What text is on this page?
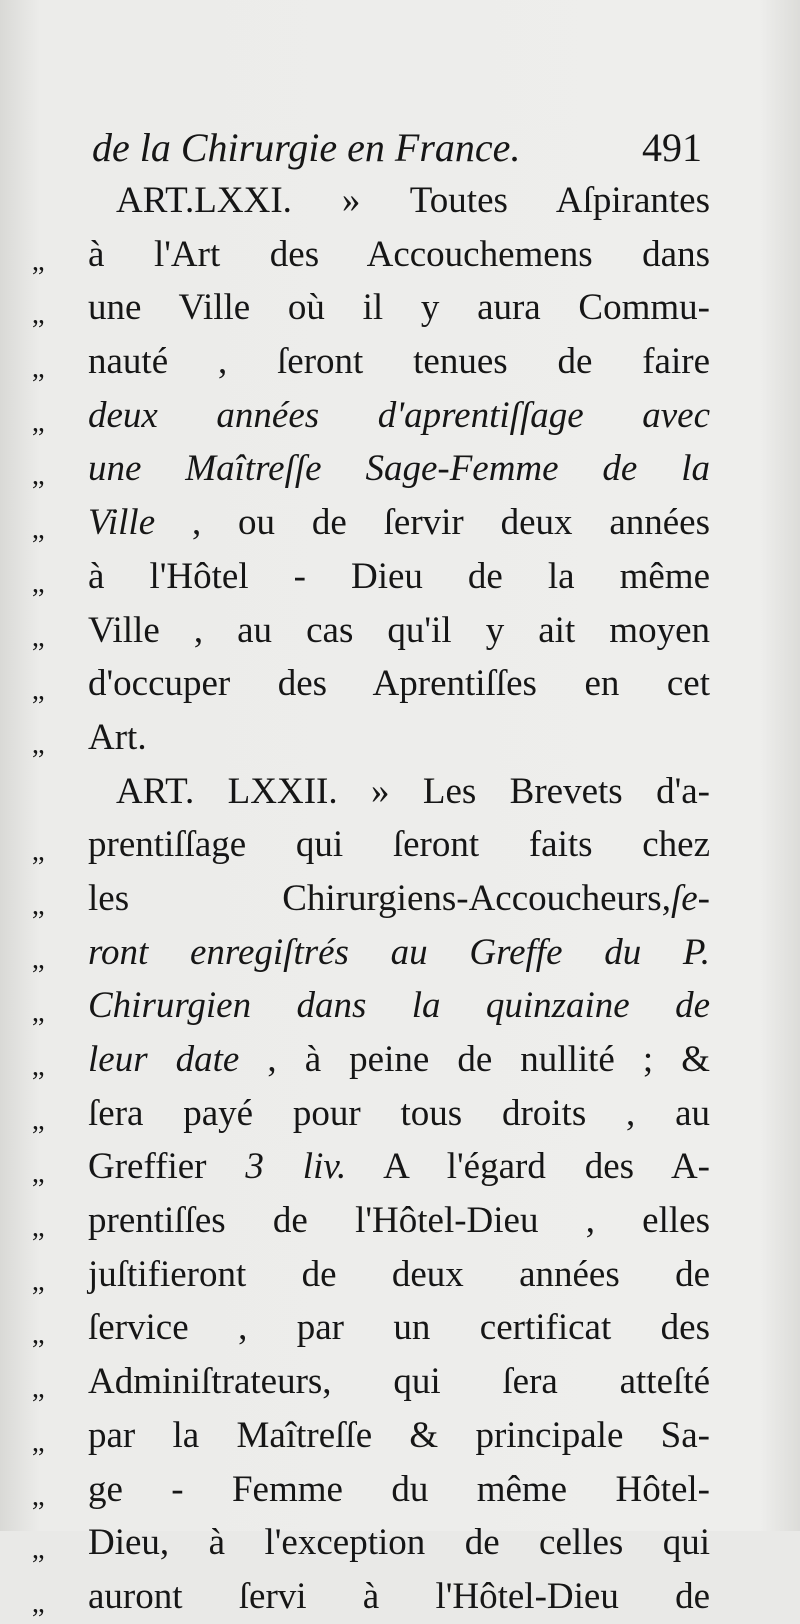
de la Chirurgie en France.	491
ART.LXXI. » Toutes Aſpirantes
,,	à l'Art des Accouchemens dans
,,	une Ville où il y aura Commu-
,,	nauté , ſeront tenues de faire
,,	deux années d'aprentiſſage avec
,,	une Maîtreſſe Sage-Femme de la
,,	Ville , ou de ſervir deux années
,,	à l'Hôtel - Dieu de la même
,,	Ville , au cas qu'il y ait moyen
,,	d'occuper des Aprentiſſes en cet
,,	Art.
ART. LXXII. » Les Brevets d'a-
,,	prentiſſage qui ſeront faits chez
,,	les Chirurgiens-Accoucheurs,ſe-
,,	ront enregiſtrés au Greffe du P.
,,	Chirurgien dans la quinzaine de
,,	leur date , à peine de nullité ; &
,,	ſera payé pour tous droits , au
,,	Greffier 3 liv. A l'égard des A-
,,	prentiſſes de l'Hôtel-Dieu , elles
,,	juſtifieront de deux années de
,,	ſervice , par un certificat des
,,	Adminiſtrateurs, qui ſera atteſté
,,	par la Maîtreſſe & principale Sa-
,,	ge - Femme du même Hôtel-
,,	Dieu, à l'exception de celles qui
,,	auront ſervi à l'Hôtel-Dieu de
